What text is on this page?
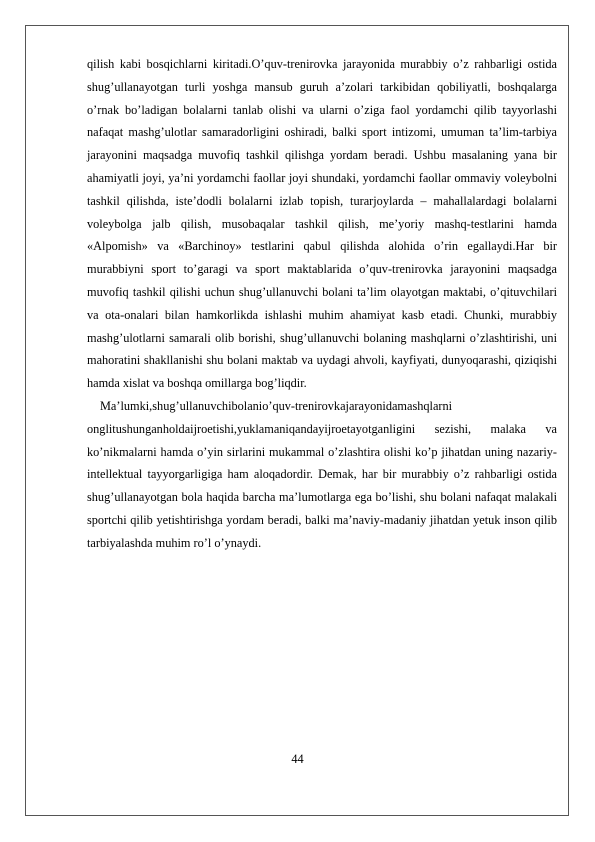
qilish kabi bosqichlarni kiritadi.O’quv-trenirovka jarayonida murabbiy o’z rahbarligi ostida shug’ullanayotgan turli yoshga mansub guruh a’zolari tarkibidan qobiliyatli, boshqalarga o’rnak bo’ladigan bolalarni tanlab olishi va ularni o’ziga faol yordamchi qilib tayyorlashi nafaqat mashg’ulotlar samaradorligini oshiradi, balki sport intizomi, umuman ta’lim-tarbiya jarayonini maqsadga muvofiq tashkil qilishga yordam beradi. Ushbu masalaning yana bir ahamiyatli joyi, ya’ni yordamchi faollar joyi shundaki, yordamchi faollar ommaviy voleybolni tashkil qilishda, iste’dodli bolalarni izlab topish, turarjoylarda – mahallalardagi bolalarni voleybolga jalb qilish, musobaqalar tashkil qilish, me’yoriy mashq-testlarini hamda «Alpomish» va «Barchinoy» testlarini qabul qilishda alohida o’rin egallaydi.Har bir murabbiyni sport to’garagi va sport maktablarida o’quv-trenirovka jarayonini maqsadga muvofiq tashkil qilishi uchun shug’ullanuvchi bolani ta’lim olayotgan maktabi, o’qituvchilari va ota-onalari bilan hamkorlikda ishlashi muhim ahamiyat kasb etadi. Chunki, murabbiy mashg’ulotlarni samarali olib borishi, shug’ullanuvchi bolaning mashqlarni o’zlashtirishi, uni mahoratini shakllanishi shu bolani maktab va uydagi ahvoli, kayfiyati, dunyoqarashi, qiziqishi hamda xislat va boshqa omillarga bog’liqdir.

Ma’lumki,shug’ullanuvchibolanio’quv-trenirovkajarayonidamashqlarni onglitushunganholdaijroetishi,yuklamaniqandayijroetayotganligini sezishi, malaka va ko’nikmalarni hamda o’yin sirlarini mukammal o’zlashtira olishi ko’p jihatdan uning nazariy-intellektual tayyorgarligiga ham aloqadordir. Demak, har bir murabbiy o’z rahbarligi ostida shug’ullanayotgan bola haqida barcha ma’lumotlarga ega bo’lishi, shu bolani nafaqat malakali sportchi qilib yetishtirishga yordam beradi, balki ma’naviy-madaniy jihatdan yetuk inson qilib tarbiyalashda muhim ro’l o’ynaydi.

44
